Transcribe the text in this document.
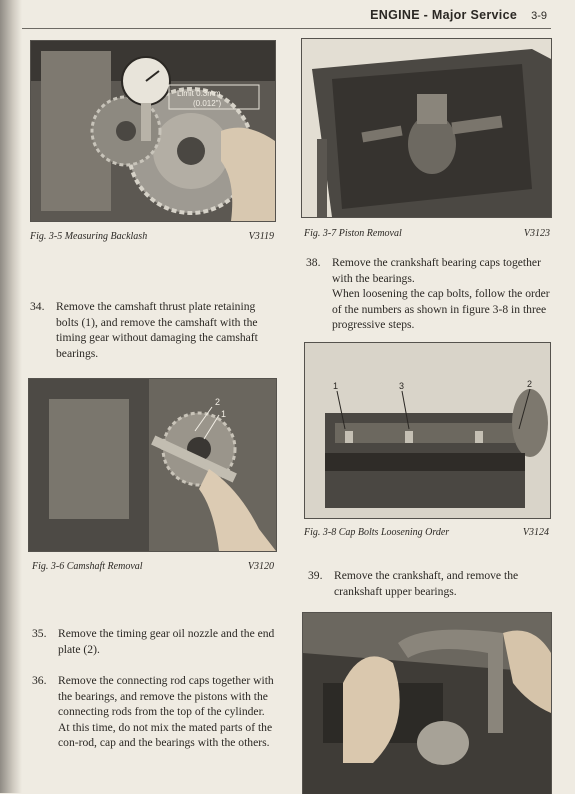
ENGINE - Major Service 3-9
Limit 0.3mm
(0.012")
Fig. 3-5 Measuring Backlash	V3119
34. Remove the camshaft thrust plate retaining bolts (1), and remove the camshaft with the timing gear without damaging the camshaft bearings.

2
1
Fig. 3-6 Camshaft Removal	V3120
35. Remove the timing gear oil nozzle and the end plate (2).

36. Remove the connecting rod caps together with the bearings, and remove the pistons with the connecting rods from the top of the cylinder.

At this time, do not mix the mated parts of the con-rod, cap and the bearings with the others.

Fig. 3-7 Piston Removal	V3123
38. Remove the crankshaft bearing caps together with the bearings.

When loosening the cap bolts, follow the order of the numbers as shown in figure 3-8 in three progressive steps.

1	3	2
Fig. 3-8 Cap Bolts Loosening Order	V3124
39. Remove the crankshaft, and remove the crankshaft upper bearings.
